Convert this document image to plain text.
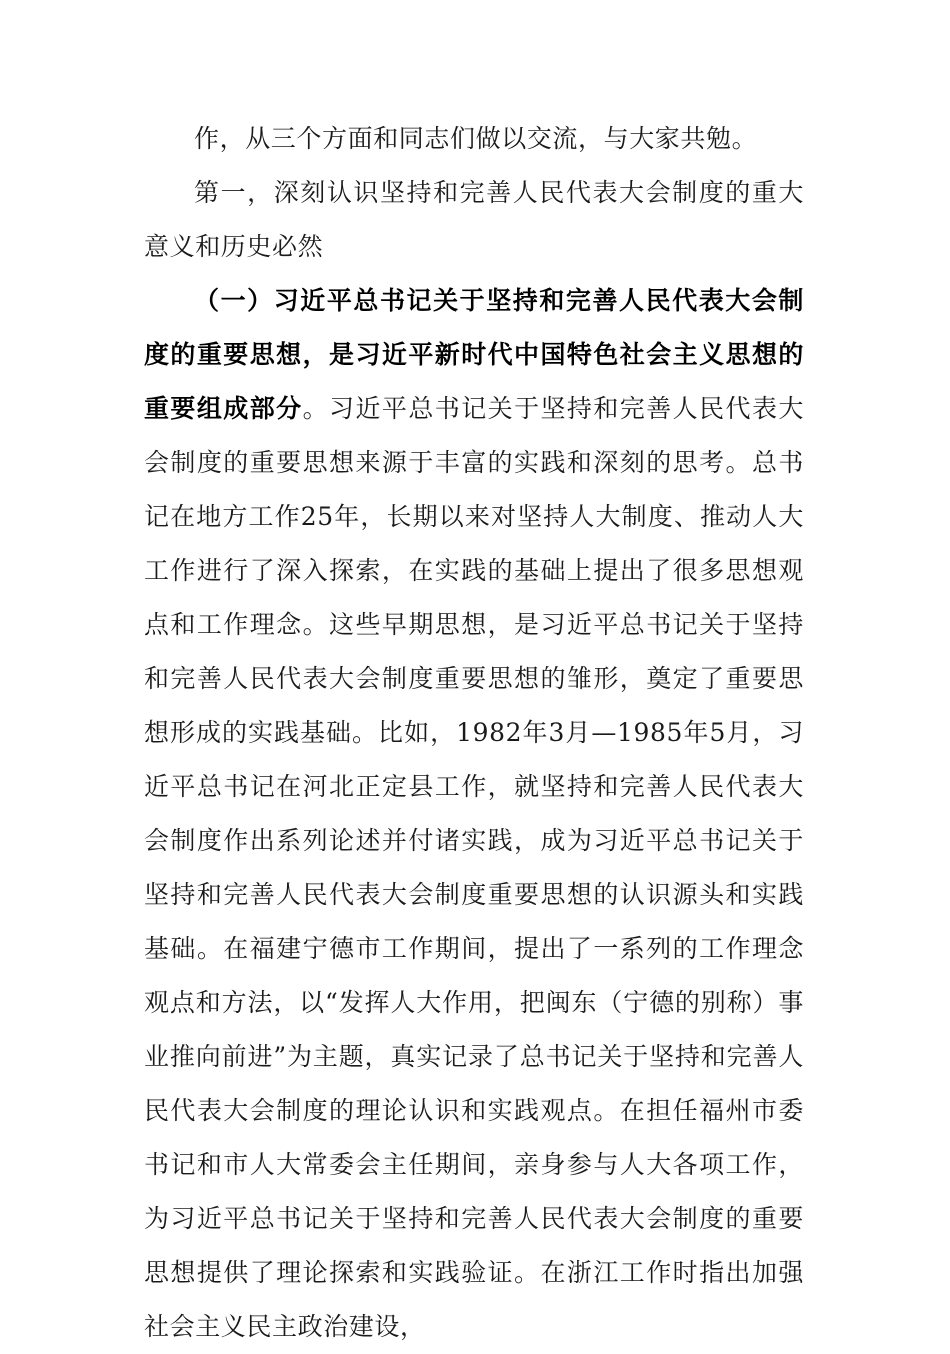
作，从三个方面和同志们做以交流，与大家共勉。

第一，深刻认识坚持和完善人民代表大会制度的重大意义和历史必然

（一）习近平总书记关于坚持和完善人民代表大会制度的重要思想，是习近平新时代中国特色社会主义思想的重要组成部分。习近平总书记关于坚持和完善人民代表大会制度的重要思想来源于丰富的实践和深刻的思考。总书记在地方工作25年，长期以来对坚持人大制度、推动人大工作进行了深入探索，在实践的基础上提出了很多思想观点和工作理念。这些早期思想，是习近平总书记关于坚持和完善人民代表大会制度重要思想的雏形，奠定了重要思想形成的实践基础。比如，1982年3月—1985年5月，习近平总书记在河北正定县工作，就坚持和完善人民代表大会制度作出系列论述并付诸实践，成为习近平总书记关于坚持和完善人民代表大会制度重要思想的认识源头和实践基础。在福建宁德市工作期间，提出了一系列的工作理念观点和方法，以“发挥人大作用，把闽东（宁德的别称）事业推向前进”为主题，真实记录了总书记关于坚持和完善人民代表大会制度的理论认识和实践观点。在担任福州市委书记和市人大常委会主任期间，亲身参与人大各项工作，为习近平总书记关于坚持和完善人民代表大会制度的重要思想提供了理论探索和实践验证。在浙江工作时指出加强社会主义民主政治建设，
